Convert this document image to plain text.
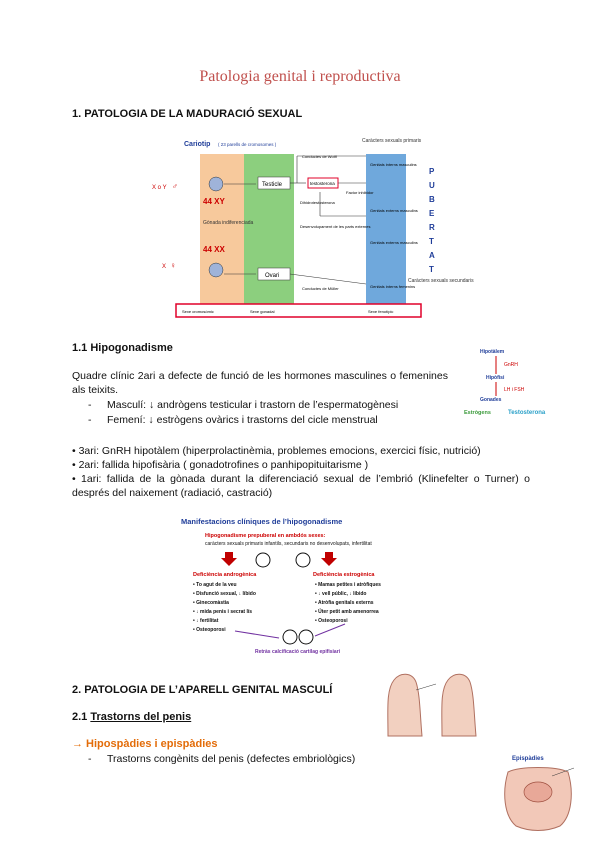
Patologia genital i reproductiva
1. PATOLOGIA DE LA MADURACIÓ SEXUAL
Cariotip ( 23 parells de cromosomes )
X o Y ♂
X ♀
44 XY
Gònada indiferenciada
44 XX
Testicle
Ovari
testosterona
Conductes de Wolff
Factor inhibidor
Dihidrotestosterona
Desenvolupament de les parts externes
Conductes de Müller
Caràcters sexuals primaris
Genitals interns masculins
Genitals externs masculins
Genitals externs masculins
Genitals interns femenins
P
U
B
E
R
T
A
T
Caràcters sexuals secundaris
Sexe cromosòmic	Sexe gonadal	Sexe fenotípic
1.1 Hipogonadisme	Hipotàlem
GnRH
Hipòfisi
LH i FSH
Gonades
Estrògens	Testosterona
Quadre clínic 2ari a defecte de funció de les hormones masculines o femenines als teixits.
- Masculí: ↓ andrògens testicular i trastorn de l’espermatogènesi
- Femení: ↓ estrògens ovàrics i trastorns del cicle menstrual
• 3ari: GnRH hipotàlem (hiperprolactinèmia, problemes emocions, exercici físic, nutrició)
• 2ari: fallida hipofisària ( gonadotrofines o panhipopituitarisme )
• 1ari: fallida de la gònada durant la diferenciació sexual de l’embrió (Klinefelter o Turner) o després del naixement (radiació, castració)
Manifestacions clíniques de l’hipogonadisme
Hipogonadisme prepuberal en ambdós sexes:
caràcters sexuals primaris infantils, secundaris no desenvolupats, infertilitat
Deficiència androgènica	Deficiència estrogènica
• To agut de la veu
• Disfunció sexual, ↓ líbido
• Ginecomàstia
• ↓ mida penis i secrat lís
• ↓ fertilitat
• Osteoporosi
• Mamas petites i atròfiques
• ↓ vell públic, ↓ líbido
• Atròfia genitals externs
• Úter petit amb amenorrea
• Osteoporosi
Retràs calcificació cartílag epifisiari
2. PATOLOGIA DE L’APARELL GENITAL MASCULÍ
2.1 Trastorns del penis
Epispàdies
→ Hipospàdies i epispàdies
- Trastorns congènits del penis (defectes embriològics)
